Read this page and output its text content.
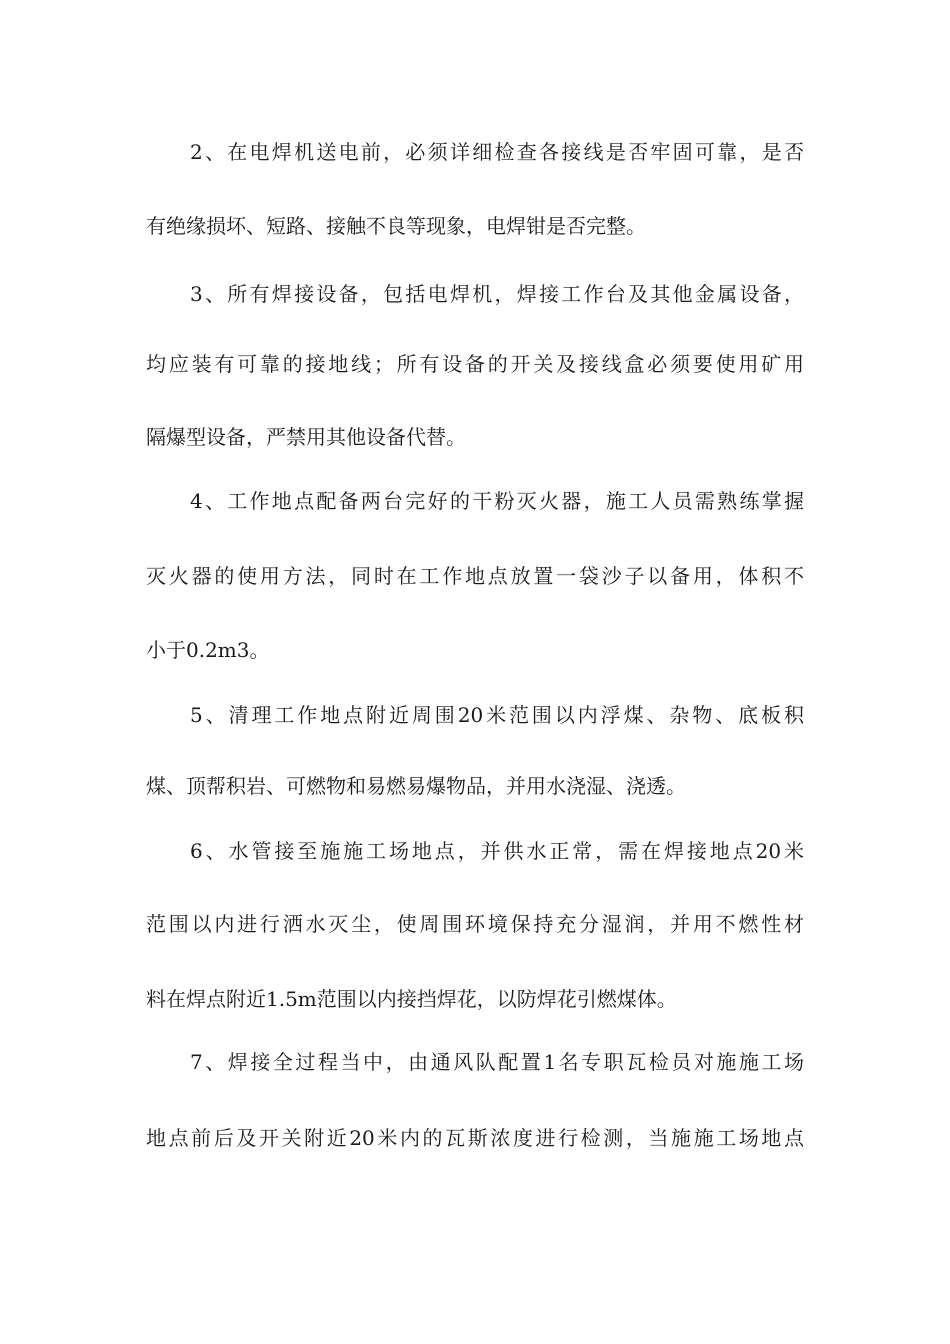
2、在电焊机送电前，必须详细检查各接线是否牢固可靠，是否
有绝缘损坏、短路、接触不良等现象，电焊钳是否完整。
3、所有焊接设备，包括电焊机，焊接工作台及其他金属设备，
均应装有可靠的接地线；所有设备的开关及接线盒必须要使用矿用
隔爆型设备，严禁用其他设备代替。
4、工作地点配备两台完好的干粉灭火器，施工人员需熟练掌握
灭火器的使用方法，同时在工作地点放置一袋沙子以备用，体积不
小于0.2m3。
5、清理工作地点附近周围20米范围以内浮煤、杂物、底板积
煤、顶帮积岩、可燃物和易燃易爆物品，并用水浇湿、浇透。
6、水管接至施施工场地点，并供水正常，需在焊接地点20米
范围以内进行洒水灭尘，使周围环境保持充分湿润，并用不燃性材
料在焊点附近1.5m范围以内接挡焊花，以防焊花引燃煤体。
7、焊接全过程当中，由通风队配置1名专职瓦检员对施施工场
地点前后及开关附近20米内的瓦斯浓度进行检测，当施施工场地点
